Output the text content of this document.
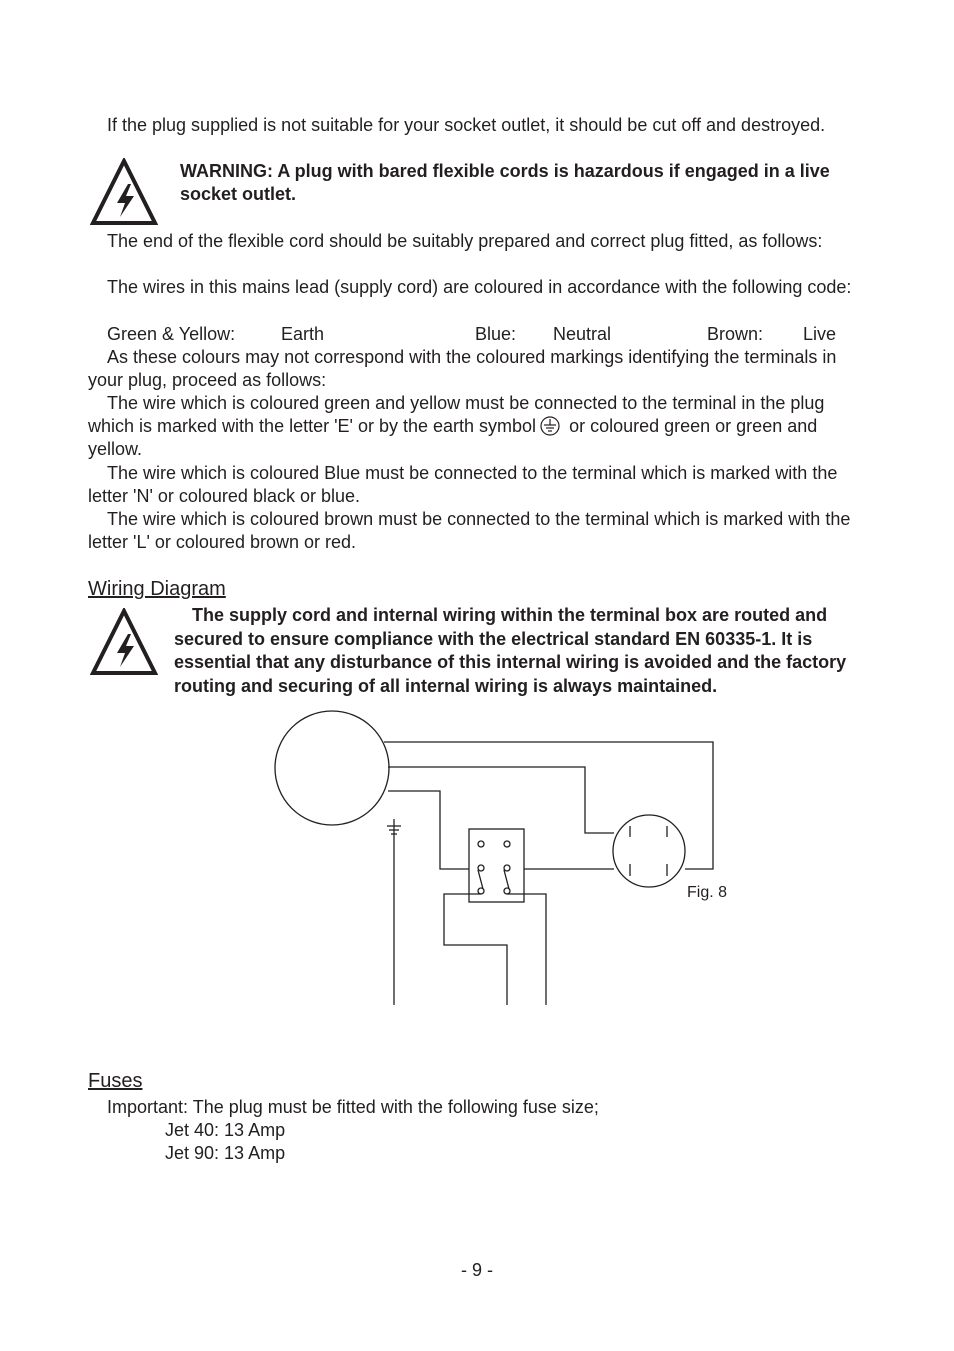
If the plug supplied is not suitable for your socket outlet, it should be cut off and destroyed.

WARNING: A plug with bared flexible cords is hazardous if engaged in a live socket outlet.

The end of the flexible cord should be suitably prepared and correct plug fitted, as follows:

The wires in this mains lead (supply cord) are coloured in accordance with the following code:

Green & Yellow:	Earth	Blue: Neutral	Brown: Live

As these colours may not correspond with the coloured markings identifying the terminals in your plug, proceed as follows:

The wire which is coloured green and yellow must be connected to the terminal in the plug which is marked with the letter 'E' or by the earth symbol or coloured green or green and yellow.

The wire which is coloured Blue must be connected to the terminal which is marked with the letter 'N' or coloured black or blue.

The wire which is coloured brown must be connected to the terminal which is marked with the letter 'L' or coloured brown or red.

Wiring Diagram

The supply cord and internal wiring within the terminal box are routed and secured to ensure compliance with the electrical standard EN 60335-1. It is essential that any disturbance of this internal wiring is avoided and the factory routing and securing of all internal wiring is always maintained.

Fig. 8
Fuses

Important: The plug must be fitted with the following fuse size;

Jet 40: 13 Amp

Jet 90: 13 Amp

- 9 -
